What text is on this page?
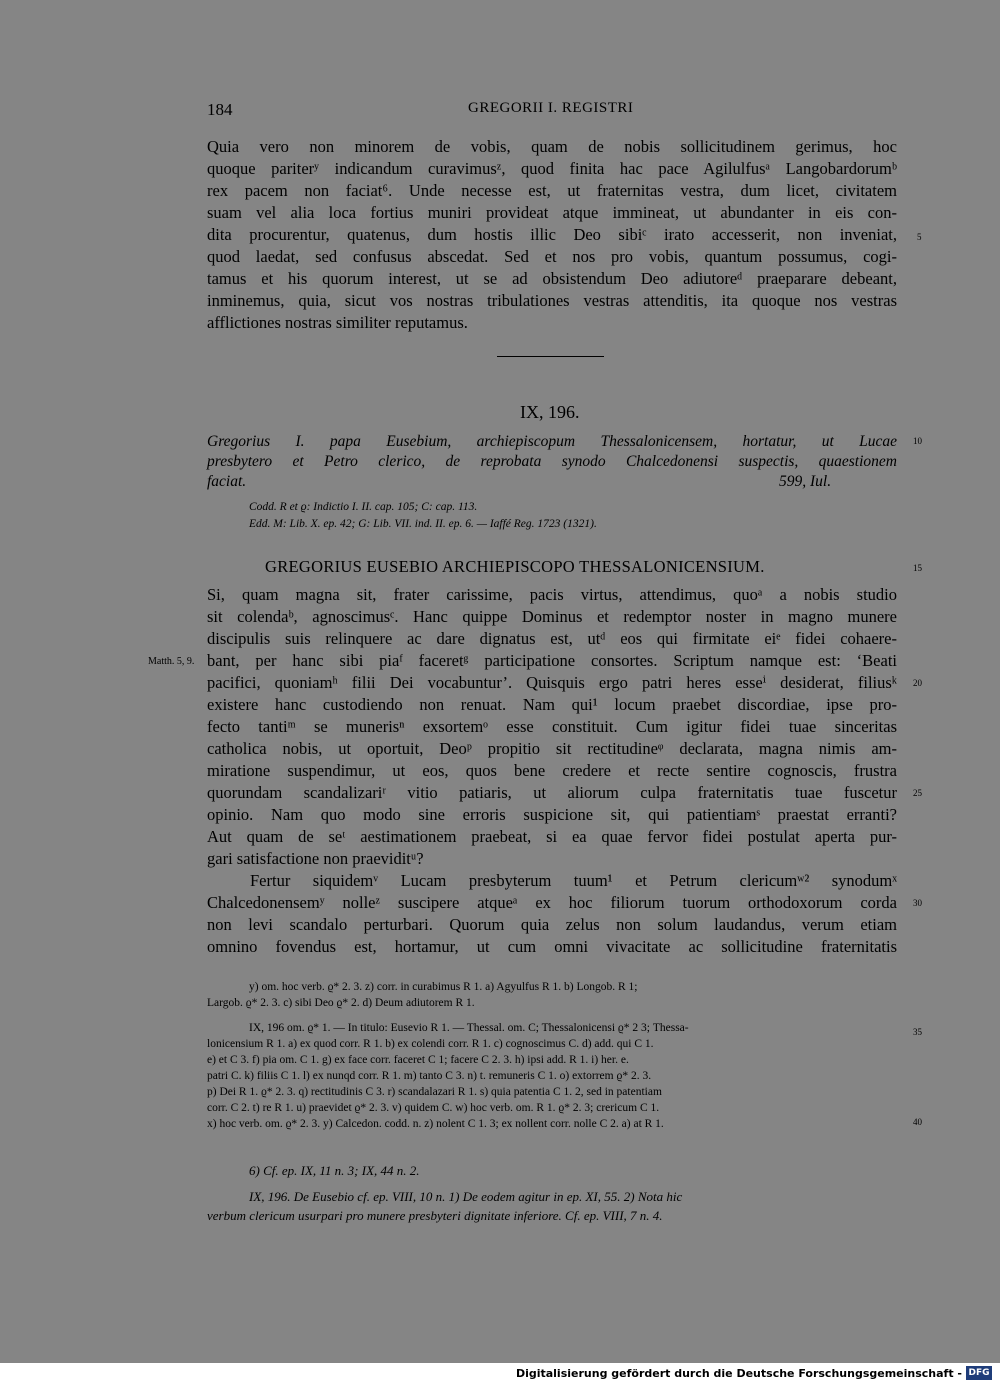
184	GREGORII I. REGISTRI
Quia vero non minorem de vobis, quam de nobis sollicitudinem gerimus, hoc
quoque pariterʸ indicandum curavimusᶻ, quod finita hac pace Agilulfusᵃ Langobardorumᵇ
rex pacem non faciat⁶. Unde necesse est, ut fraternitas vestra, dum licet, civitatem
suam vel alia loca fortius muniri provideat atque immineat, ut abundanter in eis con-
dita procurentur, quatenus, dum hostis illic Deo sibiᶜ irato accesserit, non inveniat,
quod laedat, sed confusus abscedat. Sed et nos pro vobis, quantum possumus, cogi-
tamus et his quorum interest, ut se ad obsistendum Deo adiutoreᵈ praeparare debeant,
inminemus, quia, sicut vos nostras tribulationes vestras attenditis, ita quoque nos vestras
afflictiones nostras similiter reputamus.
5
IX, 196.
Gregorius I. papa Eusebium, archiepiscopum Thessalonicensem, hortatur, ut Lucae
presbytero et Petro clerico, de reprobata synodo Chalcedonensi suspectis, quaestionem
faciat.	599, Iul.
10
Codd. R et ϱ: Indictio I. II. cap. 105; C: cap. 113.
Edd. M: Lib. X. ep. 42; G: Lib. VII. ind. II. ep. 6. — Iaffé Reg. 1723 (1321).
GREGORIUS EUSEBIO ARCHIEPISCOPO THESSALONICENSIUM.	15
Si, quam magna sit, frater carissime, pacis virtus, attendimus, quoᵃ a nobis studio
sit colendaᵇ, agnoscimusᶜ. Hanc quippe Dominus et redemptor noster in magno munere
discipulis suis relinquere ac dare dignatus est, utᵈ eos qui firmitate eiᵉ fidei cohaere-
bant, per hanc sibi piaᶠ faceretᵍ participatione consortes. Scriptum namque est: ‘Beati
pacifici, quoniamʰ filii Dei vocabuntur’. Quisquis ergo patri heres esseⁱ desiderat, filiusᵏ
existere hanc custodiendo non renuat. Nam qui¹ locum praebet discordiae, ipse pro-
fecto tantiᵐ se munerisⁿ exsortemᵒ esse constituit. Cum igitur fidei tuae sinceritas
catholica nobis, ut oportuit, Deoᵖ propitio sit rectitudineᵠ declarata, magna nimis am-
miratione suspendimur, ut eos, quos bene credere et recte sentire cognoscis, frustra
quorundam scandalizariʳ vitio patiaris, ut aliorum culpa fraternitatis tuae fuscetur
opinio. Nam quo modo sine erroris suspicione sit, qui patientiamˢ praestat erranti?
Aut quam de seᵗ aestimationem praebeat, si ea quae fervor fidei postulat aperta pur-
gari satisfactione non praeviditᵘ?
Fertur siquidemᵛ Lucam presbyterum tuum¹ et Petrum clericumʷ² synodumˣ
Chalcedonensemʸ nolleᶻ suscipere atqueᵃ ex hoc filiorum tuorum orthodoxorum corda
non levi scandalo perturbari. Quorum quia zelus non solum laudandus, verum etiam
omnino fovendus est, hortamur, ut cum omni vivacitate ac sollicitudine fraternitatis
Matth. 5, 9.
20
25
30
y) om. hoc verb. ϱ* 2. 3. z) corr. in curabimus R 1. a) Agyulfus R 1. b) Longob. R 1;
Largob. ϱ* 2. 3. c) sibi Deo ϱ* 2. d) Deum adiutorem R 1.
IX, 196 om. ϱ* 1. — In titulo: Eusevio R 1. — Thessal. om. C; Thessalonicensi ϱ* 2 3; Thessa-
lonicensium R 1. a) ex quod corr. R 1. b) ex colendi corr. R 1. c) cognoscimus C. d) add. qui C 1.
e) et C 3. f) pia om. C 1. g) ex face corr. faceret C 1; facere C 2. 3. h) ipsi add. R 1. i) her. e.
patri C. k) filiis C 1. l) ex nunqd corr. R 1. m) tanto C 3. n) t. remuneris C 1. o) extorrem ϱ* 2. 3.
p) Dei R 1. ϱ* 2. 3. q) rectitudinis C 3. r) scandalazari R 1. s) quia patentia C 1. 2, sed in patentiam
corr. C 2. t) re R 1. u) praevidet ϱ* 2. 3. v) quidem C. w) hoc verb. om. R 1. ϱ* 2. 3; crericum C 1.
x) hoc verb. om. ϱ* 2. 3. y) Calcedon. codd. n. z) nolent C 1. 3; ex nollent corr. nolle C 2. a) at R 1.
35
40
6) Cf. ep. IX, 11 n. 3; IX, 44 n. 2.
IX, 196. De Eusebio cf. ep. VIII, 10 n. 1) De eodem agitur in ep. XI, 55. 2) Nota hic
verbum clericum usurpari pro munere presbyteri dignitate inferiore. Cf. ep. VIII, 7 n. 4.
Digitalisierung gefördert durch die Deutsche Forschungsgemeinschaft - DFG
